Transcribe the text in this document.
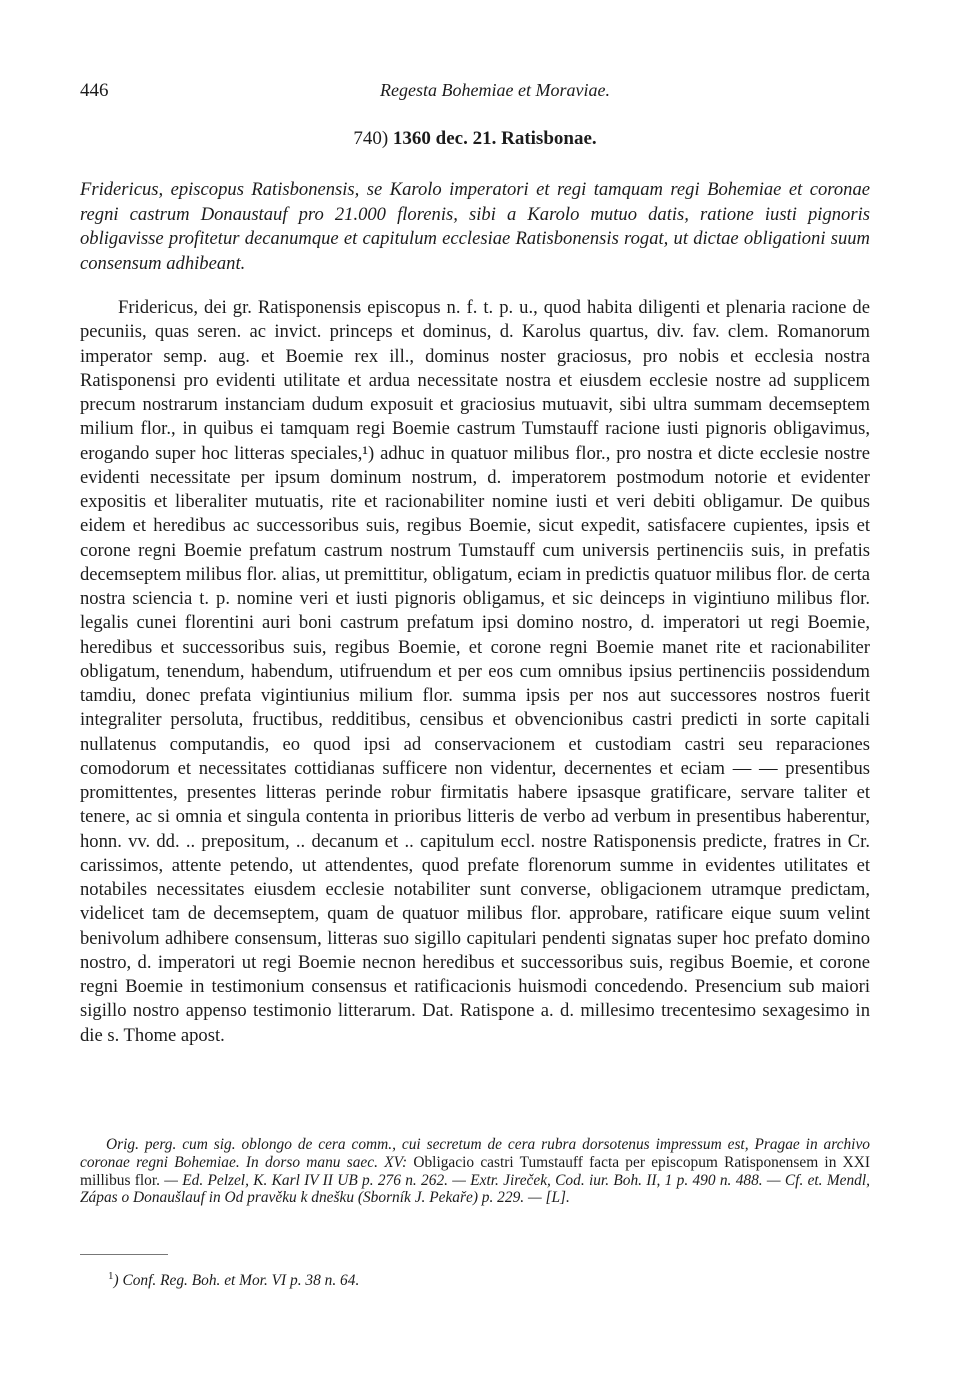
446	Regesta Bohemiae et Moraviae.
740) 1360 dec. 21. Ratisbonae.

Fridericus, episcopus Ratisbonensis, se Karolo imperatori et regi tamquam regi Bohemiae et coronae regni castrum Donaustauf pro 21.000 florenis, sibi a Karolo mutuo datis, ratione iusti pignoris obligavisse profitetur decanumque et capitulum ecclesiae Ratisbonensis rogat, ut dictae obligationi suum consensum adhibeant.

Fridericus, dei gr. Ratisponensis episcopus n. f. t. p. u., quod habita diligenti et plenaria racione de pecuniis, quas seren. ac invict. princeps et dominus, d. Karolus quartus, div. fav. clem. Romanorum imperator semp. aug. et Boemie rex ill., dominus noster graciosus, pro nobis et ecclesia nostra Ratisponensi pro evidenti utilitate et ardua necessitate nostra et eiusdem ecclesie nostre ad supplicem precum nostrarum instanciam dudum exposuit et graciosius mutuavit, sibi ultra summam decemseptem milium flor., in quibus ei tamquam regi Boemie castrum Tumstauff racione iusti pignoris obligavimus, erogando super hoc litteras speciales,¹) adhuc in quatuor milibus flor., pro nostra et dicte ecclesie nostre evidenti necessitate per ipsum dominum nostrum, d. imperatorem postmodum notorie et evidenter expositis et liberaliter mutuatis, rite et racionabiliter nomine iusti et veri debiti obligamur. De quibus eidem et heredibus ac successoribus suis, regibus Boemie, sicut expedit, satisfacere cupientes, ipsis et corone regni Boemie prefatum castrum nostrum Tumstauff cum universis pertinenciis suis, in prefatis decemseptem milibus flor. alias, ut premittitur, obligatum, eciam in predictis quatuor milibus flor. de certa nostra sciencia t. p. nomine veri et iusti pignoris obligamus, et sic deinceps in vigintiuno milibus flor. legalis cunei florentini auri boni castrum prefatum ipsi domino nostro, d. imperatori ut regi Boemie, heredibus et successoribus suis, regibus Boemie, et corone regni Boemie manet rite et racionabiliter obligatum, tenendum, habendum, utifruendum et per eos cum omnibus ipsius pertinenciis possidendum tamdiu, donec prefata vigintiunius milium flor. summa ipsis per nos aut successores nostros fuerit integraliter persoluta, fructibus, redditibus, censibus et obvencionibus castri predicti in sorte capitali nullatenus computandis, eo quod ipsi ad conservacionem et custodiam castri seu reparaciones comodorum et necessitates cottidianas sufficere non videntur, decernentes et eciam — — presentibus promittentes, presentes litteras perinde robur firmitatis habere ipsasque gratificare, servare taliter et tenere, ac si omnia et singula contenta in prioribus litteris de verbo ad verbum in presentibus haberentur, honn. vv. dd. .. prepositum, .. decanum et .. capitulum eccl. nostre Ratisponensis predicte, fratres in Cr. carissimos, attente petendo, ut attendentes, quod prefate florenorum summe in evidentes utilitates et notabiles necessitates eiusdem ecclesie notabiliter sunt converse, obligacionem utramque predictam, videlicet tam de decemseptem, quam de quatuor milibus flor. approbare, ratificare eique suum velint benivolum adhibere consensum, litteras suo sigillo capitulari pendenti signatas super hoc prefato domino nostro, d. imperatori ut regi Boemie necnon heredibus et successoribus suis, regibus Boemie, et corone regni Boemie in testimonium consensus et ratificacionis huismodi concedendo. Presencium sub maiori sigillo nostro appenso testimonio litterarum. Dat. Ratispone a. d. millesimo trecentesimo sexagesimo in die s. Thome apost.

Orig. perg. cum sig. oblongo de cera comm., cui secretum de cera rubra dorsotenus impressum est, Pragae in archivo coronae regni Bohemiae. In dorso manu saec. XV: Obligacio castri Tumstauff facta per episcopum Ratisponensem in XXI millibus flor. — Ed. Pelzel, K. Karl IV II UB p. 276 n. 262. — Extr. Jireček, Cod. iur. Boh. II, 1 p. 490 n. 488. — Cf. et. Mendl, Zápas o Donaušlauf in Od pravěku k dnešku (Sborník J. Pekaře) p. 229. — [L].

$^1$) Conf. Reg. Boh. et Mor. VI p. 38 n. 64.
